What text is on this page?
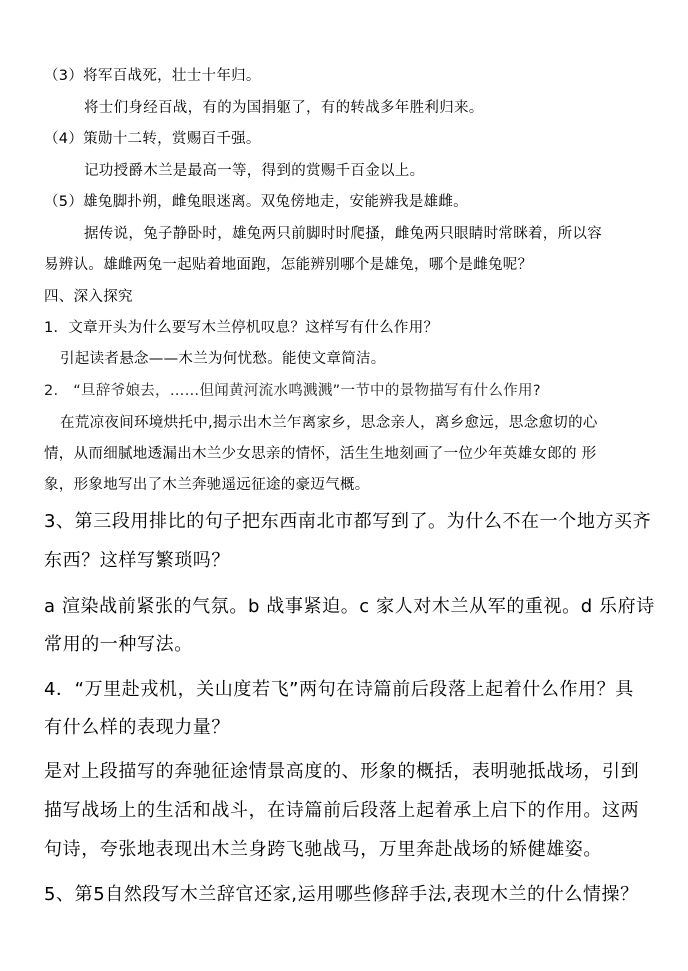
（3）将军百战死，壮士十年归。
将士们身经百战，有的为国捐躯了，有的转战多年胜利归来。
（4）策勋十二转，赏赐百千强。
记功授爵木兰是最高一等，得到的赏赐千百金以上。
（5）雄兔脚扑朔，雌兔眼迷离。双兔傍地走，安能辨我是雄雌。
据传说，兔子静卧时，雄兔两只前脚时时爬搔，雌兔两只眼睛时常眯着，所以容
易辨认。雄雌两兔一起贴着地面跑，怎能辨别哪个是雄兔，哪个是雌兔呢？
四、深入探究
1．文章开头为什么要写木兰停机叹息？这样写有什么作用？
引起读者悬念——木兰为何忧愁。能使文章简洁。
2.　“旦辞爷娘去，……但闻黄河流水鸣溅溅”一节中的景物描写有什么作用?
在荒凉夜间环境烘托中,揭示出木兰乍离家乡，思念亲人，离乡愈远，思念愈切的心
情，从而细腻地透漏出木兰少女思亲的情怀，活生生地刻画了一位少年英雄女郎的 形
象，形象地写出了木兰奔驰遥远征途的豪迈气概。
3、第三段用排比的句子把东西南北市都写到了。为什么不在一个地方买齐
东西？这样写繁琐吗？
a 渲染战前紧张的气氛。b 战事紧迫。c 家人对木兰从军的重视。d 乐府诗
常用的一种写法。
4．“万里赴戎机，关山度若飞”两句在诗篇前后段落上起着什么作用？具
有什么样的表现力量？
是对上段描写的奔驰征途情景高度的、形象的概括，表明驰抵战场，引到
描写战场上的生活和战斗，在诗篇前后段落上起着承上启下的作用。这两
句诗，夸张地表现出木兰身跨飞驰战马，万里奔赴战场的矫健雄姿。
5、第5自然段写木兰辞官还家,运用哪些修辞手法,表现木兰的什么情操？
